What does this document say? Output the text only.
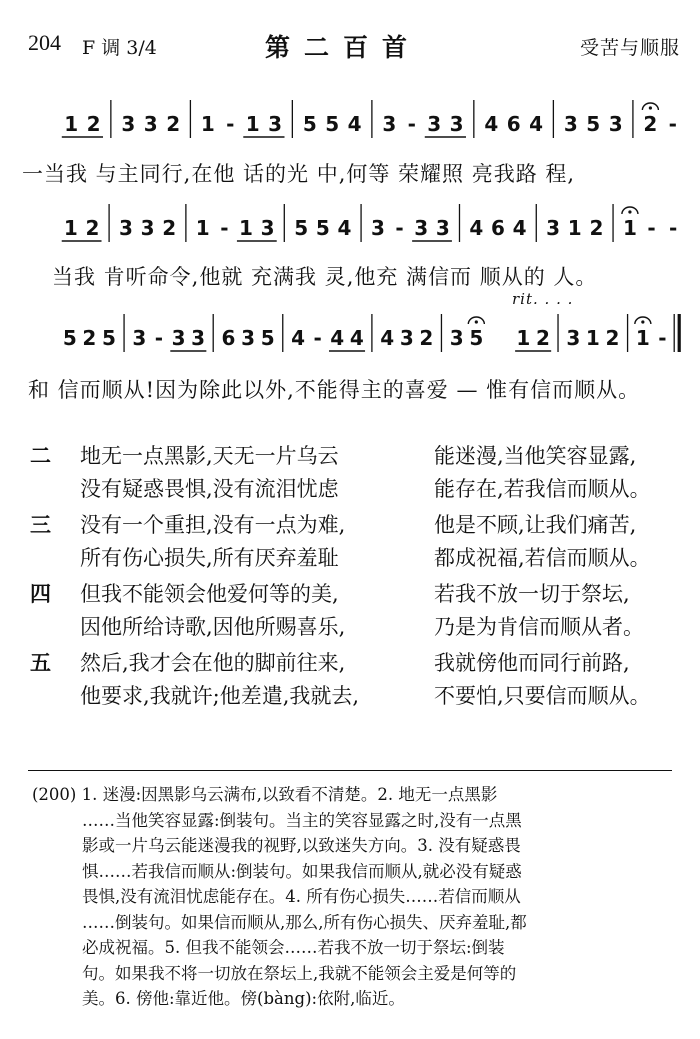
204 F 调 3/4	第二百首	受苦与顺服
1 2 3 3 2 1 - 1 3 5 5 4 3 - 3 3 4 6 4 3 5 3 2 -
一当我 与主同行,在他 话的光 中,何等 荣耀照 亮我路 程,
1 2 3 3 2 1 - 1 3 5 5 4 3 - 3 3 4 6 4 3 1 2 1 - -
当我 肯听命令,他就 充满我 灵,他充 满信而 顺从的 人。
rit. . . .
5 2 5 3 - 3 3 6 3 5 4 - 4 4 4 3 2 3 5 1 2 3 1 2 1 -
和 信而顺从!因为除此以外,不能得主的喜爱 — 惟有信而顺从。
二 地无一点黑影,天无一片乌云	能迷漫,当他笑容显露,
没有疑惑畏惧,没有流泪忧虑	能存在,若我信而顺从。
三 没有一个重担,没有一点为难,	他是不顾,让我们痛苦,
所有伤心损失,所有厌弃羞耻	都成祝福,若信而顺从。
四 但我不能领会他爱何等的美,	若我不放一切于祭坛,
因他所给诗歌,因他所赐喜乐,	乃是为肯信而顺从者。
五 然后,我才会在他的脚前往来,	我就傍他而同行前路,
他要求,我就许;他差遣,我就去,	不要怕,只要信而顺从。
(200) 1. 迷漫:因黑影乌云满布,以致看不清楚。2. 地无一点黑影
……当他笑容显露:倒装句。当主的笑容显露之时,没有一点黑
影或一片乌云能迷漫我的视野,以致迷失方向。3. 没有疑惑畏
惧……若我信而顺从:倒装句。如果我信而顺从,就必没有疑惑
畏惧,没有流泪忧虑能存在。4. 所有伤心损失……若信而顺从
……倒装句。如果信而顺从,那么,所有伤心损失、厌弃羞耻,都
必成祝福。5. 但我不能领会……若我不放一切于祭坛:倒装
句。如果我不将一切放在祭坛上,我就不能领会主爱是何等的
美。6. 傍他:靠近他。傍(bàng):依附,临近。
